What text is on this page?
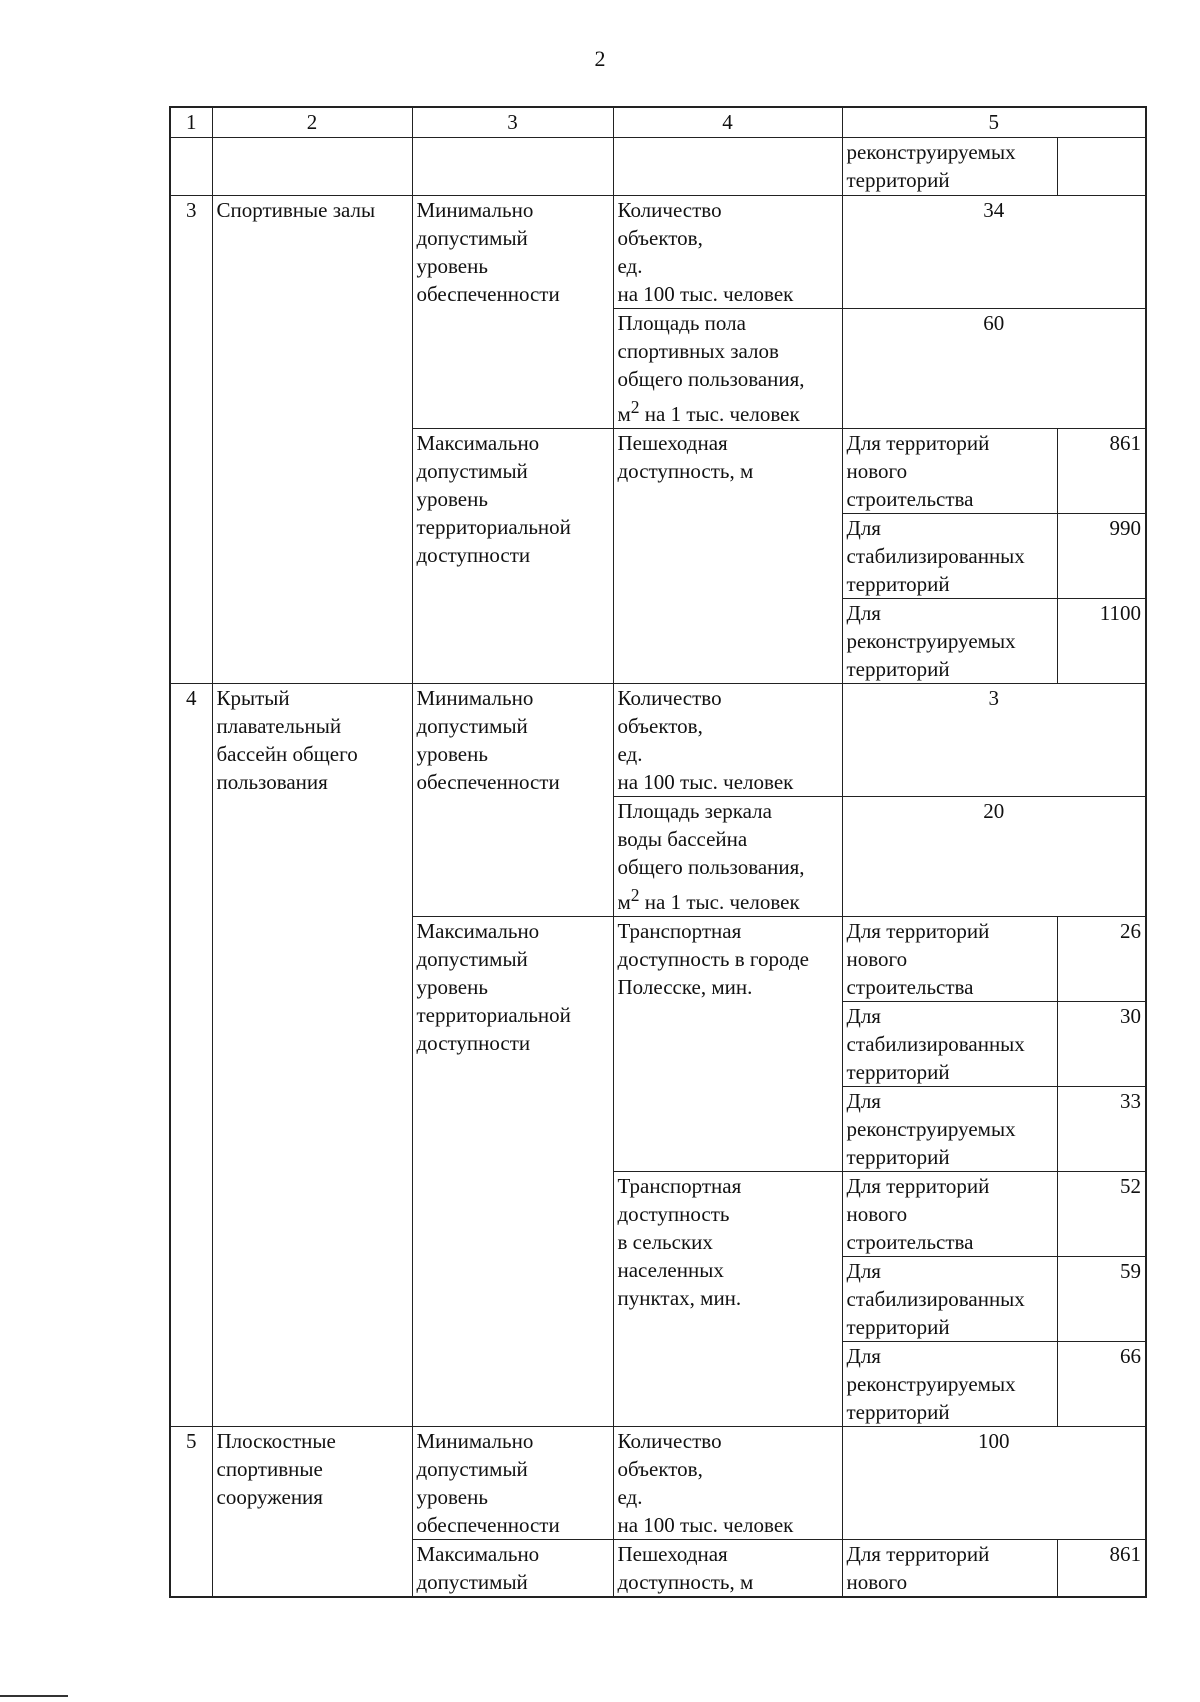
2
1	2	3	4	5	
				реконструируемых
территорий	
3	Спортивные залы	Минимально
допустимый
уровень
обеспеченности	Количество
объектов,
ед.
на 100 тыс. человек	34	
			Площадь пола
спортивных залов
общего пользования,
$м^2$ на 1 тыс. человек	60	
		Максимально
допустимый
уровень
территориальной
доступности	Пешеходная
доступность, м	Для территорий
нового
строительства	861
				Для
стабилизированных
территорий	990
				Для
реконструируемых
территорий	1100
4	Крытый
плавательный
бассейн общего
пользования	Минимально
допустимый
уровень
обеспеченности	Количество
объектов,
ед.
на 100 тыс. человек	3	
			Площадь зеркала
воды бассейна
общего пользования,
$м^2$ на 1 тыс. человек	20	
		Максимально
допустимый
уровень
территориальной
доступности	Транспортная
доступность в городе
Полесске, мин.	Для территорий
нового
строительства	26
				Для
стабилизированных
территорий	30
				Для
реконструируемых
территорий	33
			Транспортная
доступность
в сельских
населенных
пунктах, мин.	Для территорий
нового
строительства	52
				Для
стабилизированных
территорий	59
				Для
реконструируемых
территорий	66
5	Плоскостные
спортивные
сооружения	Минимально
допустимый
уровень
обеспеченности	Количество
объектов,
ед.
на 100 тыс. человек	100	
		Максимально
допустимый	Пешеходная
доступность, м	Для территорий
нового	861
